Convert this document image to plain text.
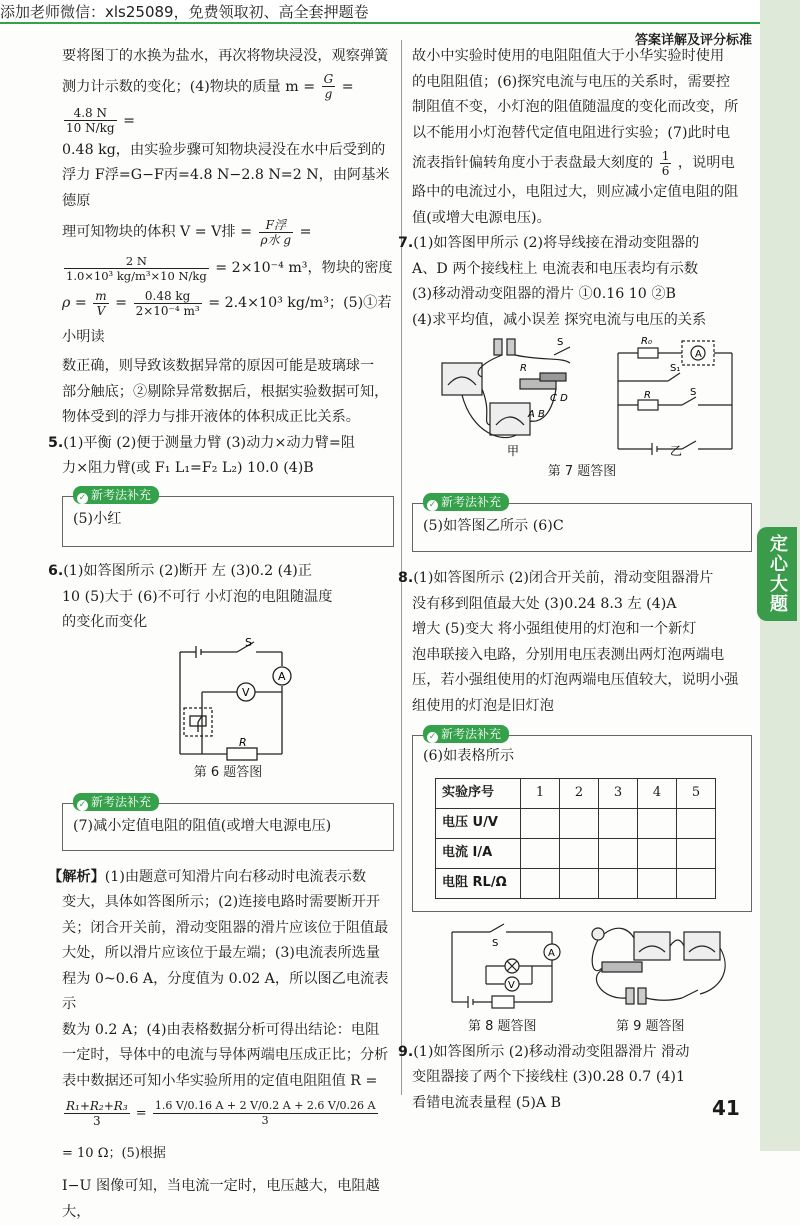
添加老师微信：xls25089，免费领取初、高全套押题卷
答案详解及评分标准
定心大题

要将图丁的水换为盐水，再次将物块浸没，观察弹簧

测力计示数的变化；(4)物块的质量 $m = \frac{G}{g}$ =
$\frac{4.8 N}{10 N/kg}$ =

0.48 kg，由实验步骤可知物块浸没在水中后受到的

浮力 F浮=G−F丙=4.8 N−2.8 N=2 N，由阿基米德原

理可知物块的体积 V = V排 = $\frac{\text{F浮}}{\text{ρ水 g}}$ =

$\frac{2 N}{\text{1.0×10³ kg/m³×10 N/kg}} = 2\times 10^{-4}$ m³，物块的密度

$\rho = \frac{m}{V} = \frac{0.48 kg}{\text{2×10⁻⁴ m³}} = 2.4\times 10^3$ kg/m³；(5)①若小明读

数正确，则导致该数据异常的原因可能是玻璃球一

部分触底；②剔除异常数据后，根据实验数据可知，

物体受到的浮力与排开液体的体积成正比关系。

5.(1)平衡 (2)便于测量力臂 (3)动力×动力臂=阻

力×阻力臂(或 F₁ L₁=F₂ L₂) 10.0 (4)B

✓ 新考法补充

(5)小红

6.(1)如答图所示 (2)断开 左 (3)0.2 (4)正

10 (5)大于 (6)不可行 小灯泡的电阻随温度

的变化而变化

S
A
V
R
第 6 题答图
✓ 新考法补充

(7)减小定值电阻的阻值(或增大电源电压)

【解析】(1)由题意可知滑片向右移动时电流表示数

变大，具体如答图所示；(2)连接电路时需要断开开

关；闭合开关前，滑动变阻器的滑片应该位于阻值最

大处，所以滑片应该位于最左端；(3)电流表所选量

程为 0~0.6 A，分度值为 0.02 A，所以图乙电流表示

数为 0.2 A；(4)由表格数据分析可得出结论：电阻

一定时，导体中的电流与导体两端电压成正比；分析

表中数据还可知小华实验所用的定值电阻阻值 R =

$\frac{\text{R₁+R₂+R₃}}{3} = \frac{1.6 V/0.16 A + 2 V/0.2 A + 2.6 V/0.26 A}{3}$
= 10 Ω；(5)根据

I−U 图像可知，当电流一定时，电压越大，电阻越大，

故小中实验时使用的电阻阻值大于小华实验时使用

的电阻阻值；(6)探究电流与电压的关系时，需要控

制阻值不变，小灯泡的阻值随温度的变化而改变，所

以不能用小灯泡替代定值电阻进行实验；(7)此时电

流表指针偏转角度小于表盘最大刻度的 $\frac{1}{6}$ ，说明电

路中的电流过小，电阻过大，则应减小定值电阻的阻

值(或增大电源电压)。

7.(1)如答图甲所示 (2)将导线接在滑动变阻器的

A、D 两个接线柱上 电流表和电压表均有示数

(3)移动滑动变阻器的滑片 ①0.16 10 ②B

(4)求平均值，减小误差 探究电流与电压的关系

S
R
C D
A B
甲
R₀
A
S₁
R	S
乙
第 7 题答图
✓ 新考法补充

(5)如答图乙所示 (6)C

8.(1)如答图所示 (2)闭合开关前，滑动变阻器滑片

没有移到阻值最大处 (3)0.24 8.3 左 (4)A

增大 (5)变大 将小强组使用的灯泡和一个新灯

泡串联接入电路，分别用电压表测出两灯泡两端电

压，若小强组使用的灯泡两端电压值较大，说明小强

组使用的灯泡是旧灯泡

✓ 新考法补充

(6)如表格所示

实验序号	1	2	3	4	5
电压 U/V					
电流 I/A					
电阻 RL/Ω					
S
A
V
第 8 题答图	第 9 题答图

9.(1)如答图所示 (2)移动滑动变阻器滑片 滑动

变阻器接了两个下接线柱 (3)0.28 0.7 (4)1

看错电流表量程 (5)A B	41
